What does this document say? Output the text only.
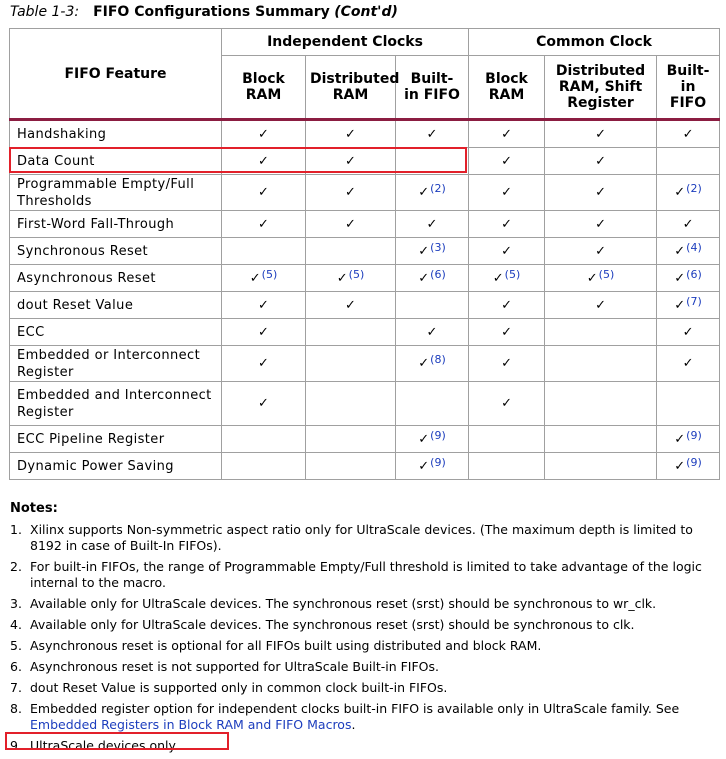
Table 1-3: FIFO Configurations Summary (Cont'd)
FIFO Feature	Independent Clocks			Common Clock		
	Block RAM	Distributed RAM	Built-in FIFO	Block RAM	Distributed RAM, Shift Register	Built-in FIFO
Handshaking	✓	✓	✓	✓	✓	✓
Data Count	✓	✓		✓	✓	
Programmable Empty/Full Thresholds	✓	✓	✓$^{(2)}$	✓	✓	✓$^{(2)}$
First-Word Fall-Through	✓	✓	✓	✓	✓	✓
Synchronous Reset			✓$^{(3)}$	✓	✓	✓$^{(4)}$
Asynchronous Reset	✓$^{(5)}$	✓$^{(5)}$	✓$^{(6)}$	✓$^{(5)}$	✓$^{(5)}$	✓$^{(6)}$
dout Reset Value	✓	✓		✓	✓	✓$^{(7)}$
ECC	✓		✓	✓		✓
Embedded or Interconnect Register	✓		✓$^{(8)}$	✓		✓
Embedded and Interconnect Register	✓			✓		
ECC Pipeline Register			✓$^{(9)}$			✓$^{(9)}$
Dynamic Power Saving			✓$^{(9)}$			✓$^{(9)}$
Notes:
1. Xilinx supports Non-symmetric aspect ratio only for UltraScale devices. (The maximum depth is limited to 8192 in case of Built-In FIFOs).
2. For built-in FIFOs, the range of Programmable Empty/Full threshold is limited to take advantage of the logic internal to the macro.
3. Available only for UltraScale devices. The synchronous reset (srst) should be synchronous to wr_clk.
4. Available only for UltraScale devices. The synchronous reset (srst) should be synchronous to clk.
5. Asynchronous reset is optional for all FIFOs built using distributed and block RAM.
6. Asynchronous reset is not supported for UltraScale Built-in FIFOs.
7. dout Reset Value is supported only in common clock built-in FIFOs.
8. Embedded register option for independent clocks built-in FIFO is available only in UltraScale family. See Embedded Registers in Block RAM and FIFO Macros.
9. UltraScale devices only.
